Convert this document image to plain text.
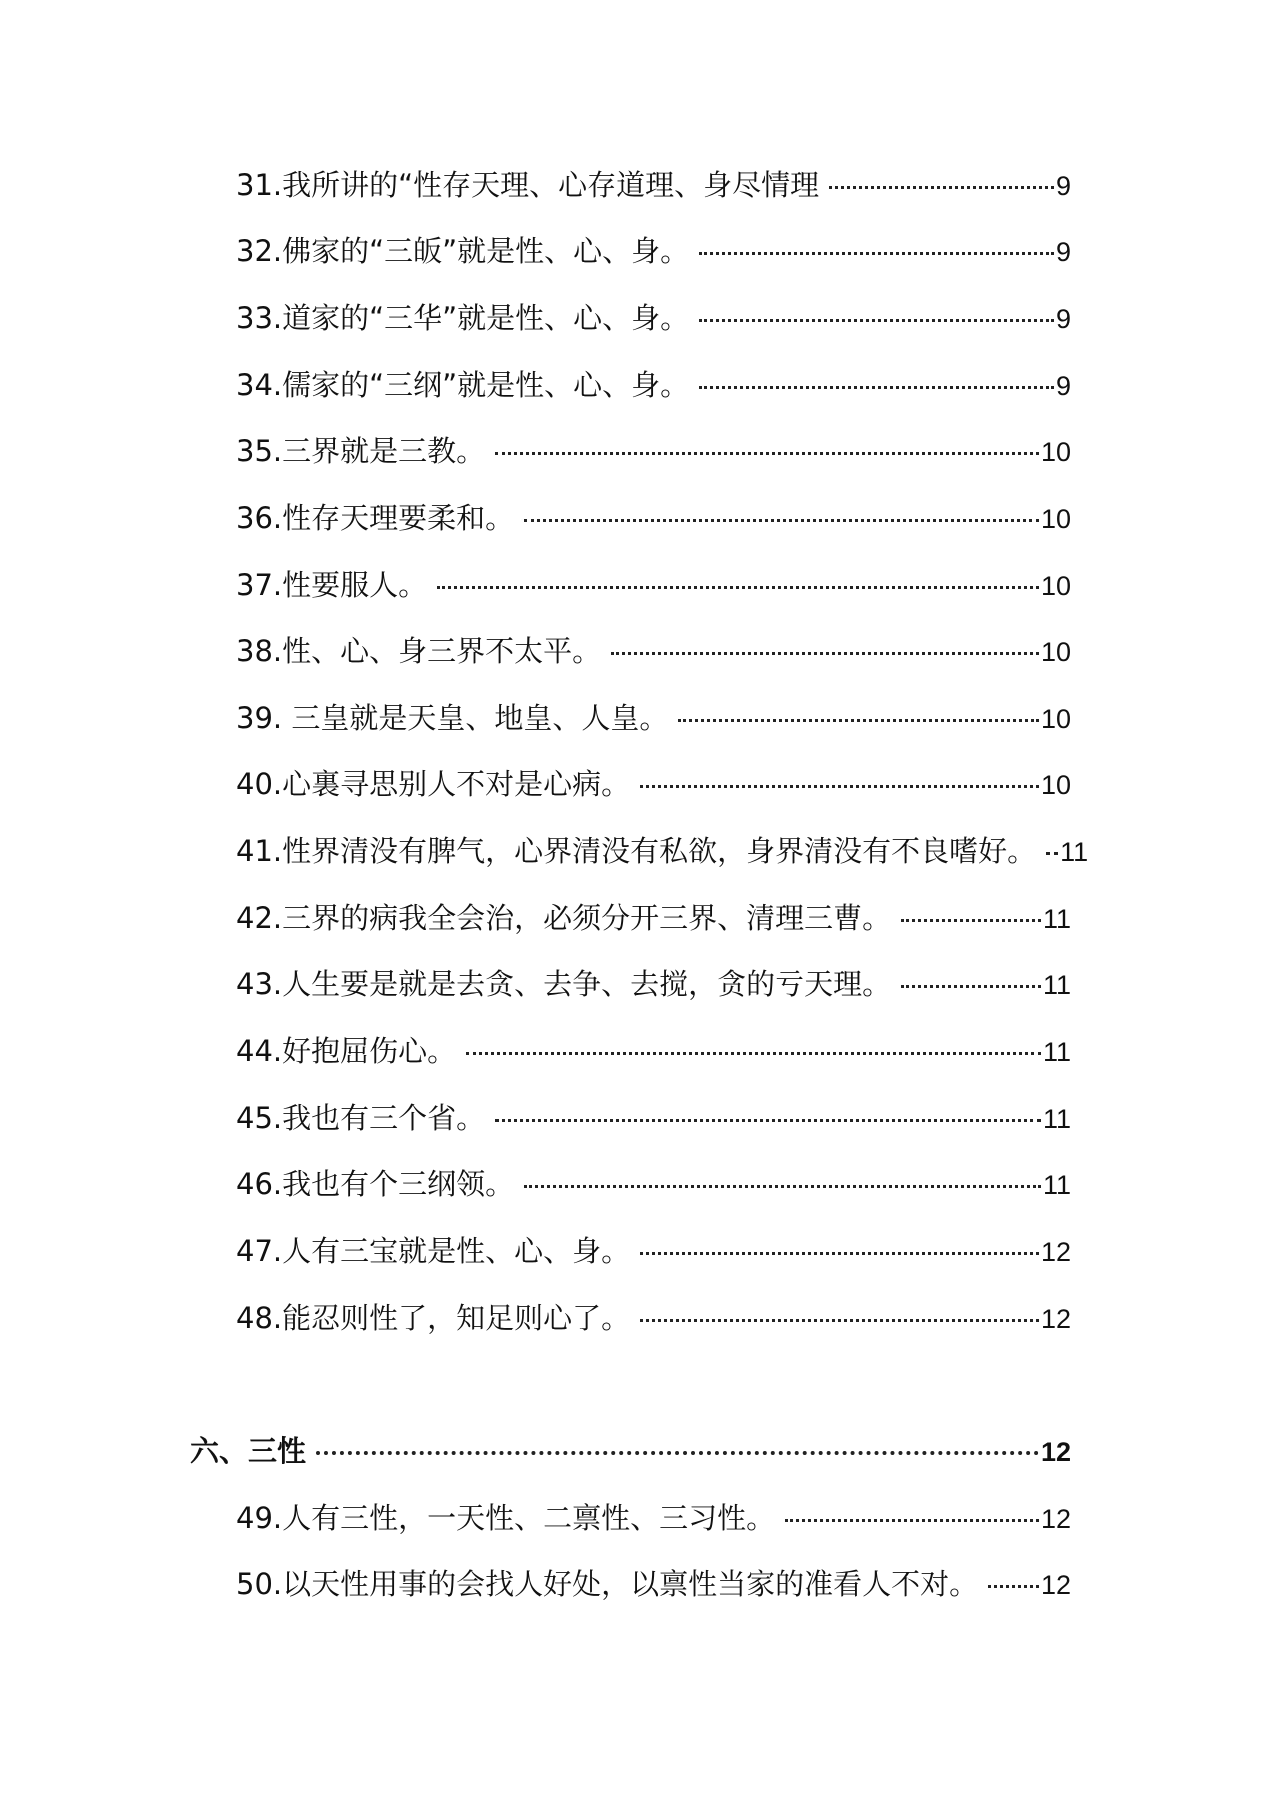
31.我所讲的“性存天理、心存道理、身尽情理	9
32.佛家的“三皈”就是性、心、身。	9
33.道家的“三华”就是性、心、身。	9
34.儒家的“三纲”就是性、心、身。	9
35.三界就是三教。	10
36.性存天理要柔和。	10
37.性要服人。	10
38.性、心、身三界不太平。	10
39. 三皇就是天皇、地皇、人皇。	10
40.心裏寻思别人不对是心病。	10
41.性界清没有脾气，心界清没有私欲，身界清没有不良嗜好。 11
42.三界的病我全会治，必须分开三界、清理三曹。	11
43.人生要是就是去贪、去争、去搅，贪的亏天理。	11
44.好抱屈伤心。	11
45.我也有三个省。	11
46.我也有个三纲领。	11
47.人有三宝就是性、心、身。	12
48.能忍则性了，知足则心了。	12
六、三性	12
49.人有三性，一天性、二禀性、三习性。	12
50.以天性用事的会找人好处，以禀性当家的准看人不对。 12
